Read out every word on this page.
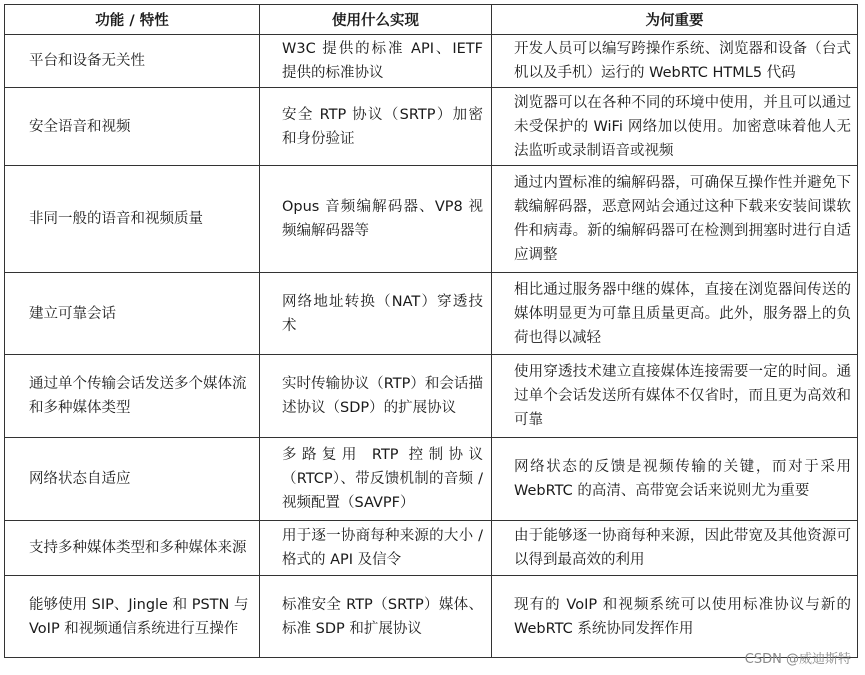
功能 / 特性	使用什么实现	为何重要
平台和设备无关性	W3C 提供的标准 API、IETF 提供的标准协议	开发人员可以编写跨操作系统、浏览器和设备（台式机以及手机）运行的 WebRTC HTML5 代码
安全语音和视频	安全 RTP 协议（SRTP）加密和身份验证	浏览器可以在各种不同的环境中使用，并且可以通过未受保护的 WiFi 网络加以使用。加密意味着他人无法监听或录制语音或视频
非同一般的语音和视频质量	Opus 音频编解码器、VP8 视频编解码器等	通过内置标准的编解码器，可确保互操作性并避免下载编解码器，恶意网站会通过这种下载来安装间谍软件和病毒。新的编解码器可在检测到拥塞时进行自适应调整
建立可靠会话	网络地址转换（NAT）穿透技术	相比通过服务器中继的媒体，直接在浏览器间传送的媒体明显更为可靠且质量更高。此外，服务器上的负荷也得以减轻
通过单个传输会话发送多个媒体流和多种媒体类型	实时传输协议（RTP）和会话描述协议（SDP）的扩展协议	使用穿透技术建立直接媒体连接需要一定的时间。通过单个会话发送所有媒体不仅省时，而且更为高效和可靠
网络状态自适应	多路复用 RTP 控制协议（RTCP）、带反馈机制的音频 / 视频配置（SAVPF）	网络状态的反馈是视频传输的关键，而对于采用 WebRTC 的高清、高带宽会话来说则尤为重要
支持多种媒体类型和多种媒体来源	用于逐一协商每种来源的大小 / 格式的 API 及信令	由于能够逐一协商每种来源，因此带宽及其他资源可以得到最高效的利用
能够使用 SIP、Jingle 和 PSTN 与 VoIP 和视频通信系统进行互操作	标准安全 RTP（SRTP）媒体、标准 SDP 和扩展协议	现有的 VoIP 和视频系统可以使用标准协议与新的 WebRTC 系统协同发挥作用
CSDN @威迪斯特
